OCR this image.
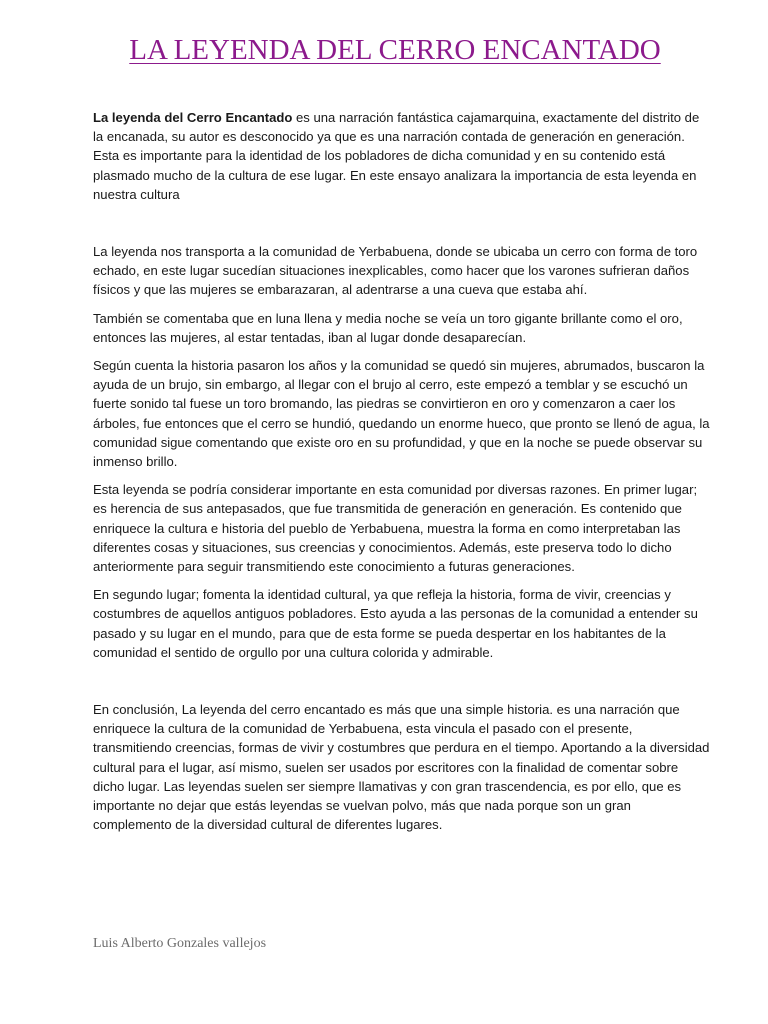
LA LEYENDA DEL CERRO ENCANTADO

La leyenda del Cerro Encantado es una narración fantástica cajamarquina, exactamente del distrito de la encanada, su autor es desconocido ya que es una narración contada de generación en generación. Esta es importante para la identidad de los pobladores de dicha comunidad y en su contenido está plasmado mucho de la cultura de ese lugar. En este ensayo analizara la importancia de esta leyenda en nuestra cultura

La leyenda nos transporta a la comunidad de Yerbabuena, donde se ubicaba un cerro con forma de toro echado, en este lugar sucedían situaciones inexplicables, como hacer que los varones sufrieran daños físicos y que las mujeres se embarazaran, al adentrarse a una cueva que estaba ahí.

También se comentaba que en luna llena y media noche se veía un toro gigante brillante como el oro, entonces las mujeres, al estar tentadas, iban al lugar donde desaparecían.

Según cuenta la historia pasaron los años y la comunidad se quedó sin mujeres, abrumados, buscaron la ayuda de un brujo, sin embargo, al llegar con el brujo al cerro, este empezó a temblar y se escuchó un fuerte sonido tal fuese un toro bromando, las piedras se convirtieron en oro y comenzaron a caer los árboles, fue entonces que el cerro se hundió, quedando un enorme hueco, que pronto se llenó de agua, la comunidad sigue comentando que existe oro en su profundidad, y que en la noche se puede observar su inmenso brillo.

Esta leyenda se podría considerar importante en esta comunidad por diversas razones. En primer lugar; es herencia de sus antepasados, que fue transmitida de generación en generación. Es contenido que enriquece la cultura e historia del pueblo de Yerbabuena, muestra la forma en como interpretaban las diferentes cosas y situaciones, sus creencias y conocimientos. Además, este preserva todo lo dicho anteriormente para seguir transmitiendo este conocimiento a futuras generaciones.

En segundo lugar; fomenta la identidad cultural, ya que refleja la historia, forma de vivir, creencias y costumbres de aquellos antiguos pobladores. Esto ayuda a las personas de la comunidad a entender su pasado y su lugar en el mundo, para que de esta forme se pueda despertar en los habitantes de la comunidad el sentido de orgullo por una cultura colorida y admirable.

En conclusión, La leyenda del cerro encantado es más que una simple historia. es una narración que enriquece la cultura de la comunidad de Yerbabuena, esta vincula el pasado con el presente, transmitiendo creencias, formas de vivir y costumbres que perdura en el tiempo. Aportando a la diversidad cultural para el lugar, así mismo, suelen ser usados por escritores con la finalidad de comentar sobre dicho lugar. Las leyendas suelen ser siempre llamativas y con gran trascendencia, es por ello, que es importante no dejar que estás leyendas se vuelvan polvo, más que nada porque son un gran complemento de la diversidad cultural de diferentes lugares.

Luis Alberto Gonzales vallejos
